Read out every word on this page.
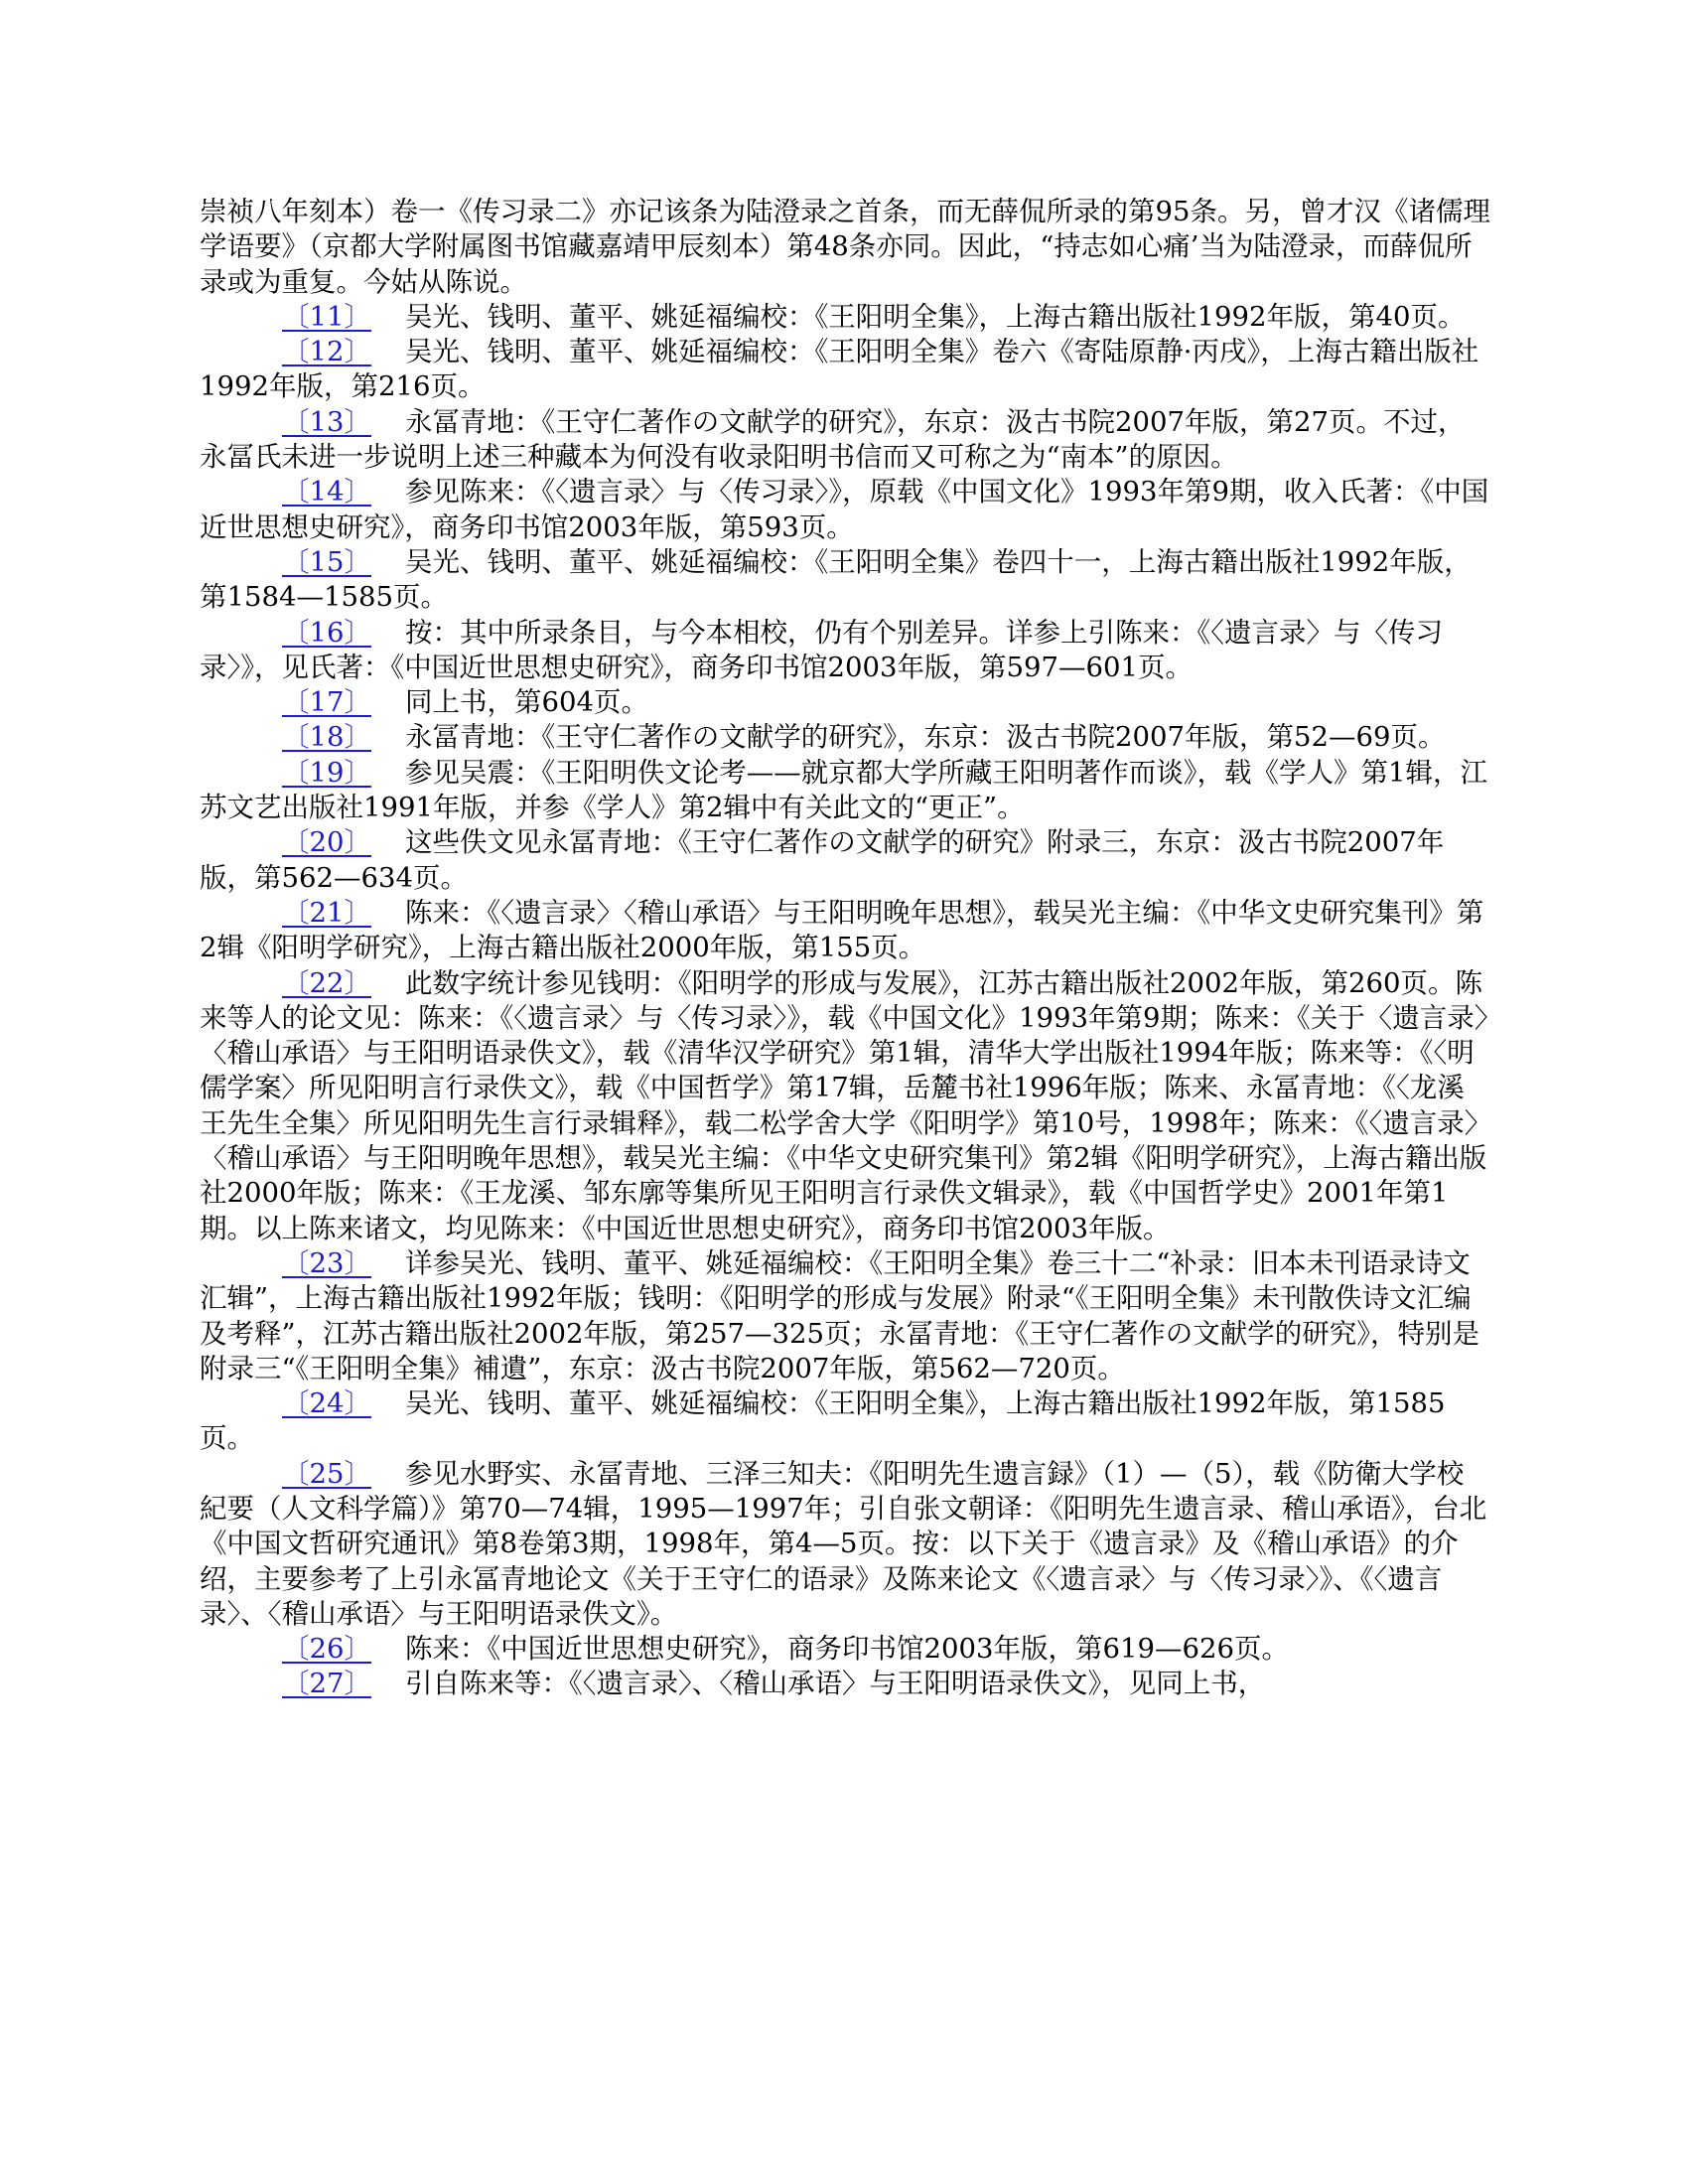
崇祯八年刻本）卷一《传习录二》亦记该条为陆澄录之首条，而无薛侃所录的第95条。另，曾才汉《诸儒理学语要》（京都大学附属图书馆藏嘉靖甲辰刻本）第48条亦同。因此，“持志如心痛’当为陆澄录，而薛侃所录或为重复。今姑从陈说。

〔11〕 吴光、钱明、董平、姚延福编校：《王阳明全集》，上海古籍出版社1992年版，第40页。

〔12〕 吴光、钱明、董平、姚延福编校：《王阳明全集》卷六《寄陆原静·丙戌》，上海古籍出版社1992年版，第216页。

〔13〕 永冨青地：《王守仁著作の文献学的研究》，东京：汲古书院2007年版，第27页。不过，永冨氏未进一步说明上述三种藏本为何没有收录阳明书信而又可称之为“南本”的原因。

〔14〕 参见陈来：《〈遗言录〉与〈传习录〉》，原载《中国文化》1993年第9期，收入氏著：《中国近世思想史研究》，商务印书馆2003年版，第593页。

〔15〕 吴光、钱明、董平、姚延福编校：《王阳明全集》卷四十一，上海古籍出版社1992年版，第1584—1585页。

〔16〕 按：其中所录条目，与今本相校，仍有个别差异。详参上引陈来：《〈遗言录〉与〈传习录〉》，见氏著：《中国近世思想史研究》，商务印书馆2003年版，第597—601页。

〔17〕 同上书，第604页。

〔18〕 永冨青地：《王守仁著作の文献学的研究》，东京：汲古书院2007年版，第52—69页。

〔19〕 参见吴震：《王阳明佚文论考——就京都大学所藏王阳明著作而谈》，载《学人》第1辑，江苏文艺出版社1991年版，并参《学人》第2辑中有关此文的“更正”。

〔20〕 这些佚文见永冨青地：《王守仁著作の文献学的研究》附录三，东京：汲古书院2007年版，第562—634页。

〔21〕 陈来：《〈遗言录〉〈稽山承语〉与王阳明晚年思想》，载吴光主编：《中华文史研究集刊》第2辑《阳明学研究》，上海古籍出版社2000年版，第155页。

〔22〕 此数字统计参见钱明：《阳明学的形成与发展》，江苏古籍出版社2002年版，第260页。陈来等人的论文见：陈来：《〈遗言录〉与〈传习录〉》，载《中国文化》1993年第9期；陈来：《关于〈遗言录〉〈稽山承语〉与王阳明语录佚文》，载《清华汉学研究》第1辑，清华大学出版社1994年版；陈来等：《〈明儒学案〉所见阳明言行录佚文》，载《中国哲学》第17辑，岳麓书社1996年版；陈来、永冨青地：《〈龙溪王先生全集〉所见阳明先生言行录辑释》，载二松学舍大学《阳明学》第10号，1998年；陈来：《〈遗言录〉〈稽山承语〉与王阳明晚年思想》，载吴光主编：《中华文史研究集刊》第2辑《阳明学研究》，上海古籍出版社2000年版；陈来：《王龙溪、邹东廓等集所见王阳明言行录佚文辑录》，载《中国哲学史》2001年第1期。以上陈来诸文，均见陈来：《中国近世思想史研究》，商务印书馆2003年版。

〔23〕 详参吴光、钱明、董平、姚延福编校：《王阳明全集》卷三十二“补录：旧本未刊语录诗文汇辑”，上海古籍出版社1992年版；钱明：《阳明学的形成与发展》附录“《王阳明全集》未刊散佚诗文汇编及考释”，江苏古籍出版社2002年版，第257—325页；永冨青地：《王守仁著作の文献学的研究》，特别是附录三“《王阳明全集》補遺”，东京：汲古书院2007年版，第562—720页。

〔24〕 吴光、钱明、董平、姚延福编校：《王阳明全集》，上海古籍出版社1992年版，第1585页。

〔25〕 参见水野实、永冨青地、三泽三知夫：《阳明先生遗言録》（1）—（5），载《防衛大学校紀要（人文科学篇）》第70—74辑，1995—1997年；引自张文朝译：《阳明先生遗言录、稽山承语》，台北《中国文哲研究通讯》第8卷第3期，1998年，第4—5页。按：以下关于《遗言录》及《稽山承语》的介绍，主要参考了上引永冨青地论文《关于王守仁的语录》及陈来论文《〈遗言录〉与〈传习录〉》、《〈遗言录〉、〈稽山承语〉与王阳明语录佚文》。

〔26〕 陈来：《中国近世思想史研究》，商务印书馆2003年版，第619—626页。

〔27〕 引自陈来等：《〈遗言录〉、〈稽山承语〉与王阳明语录佚文》，见同上书，
